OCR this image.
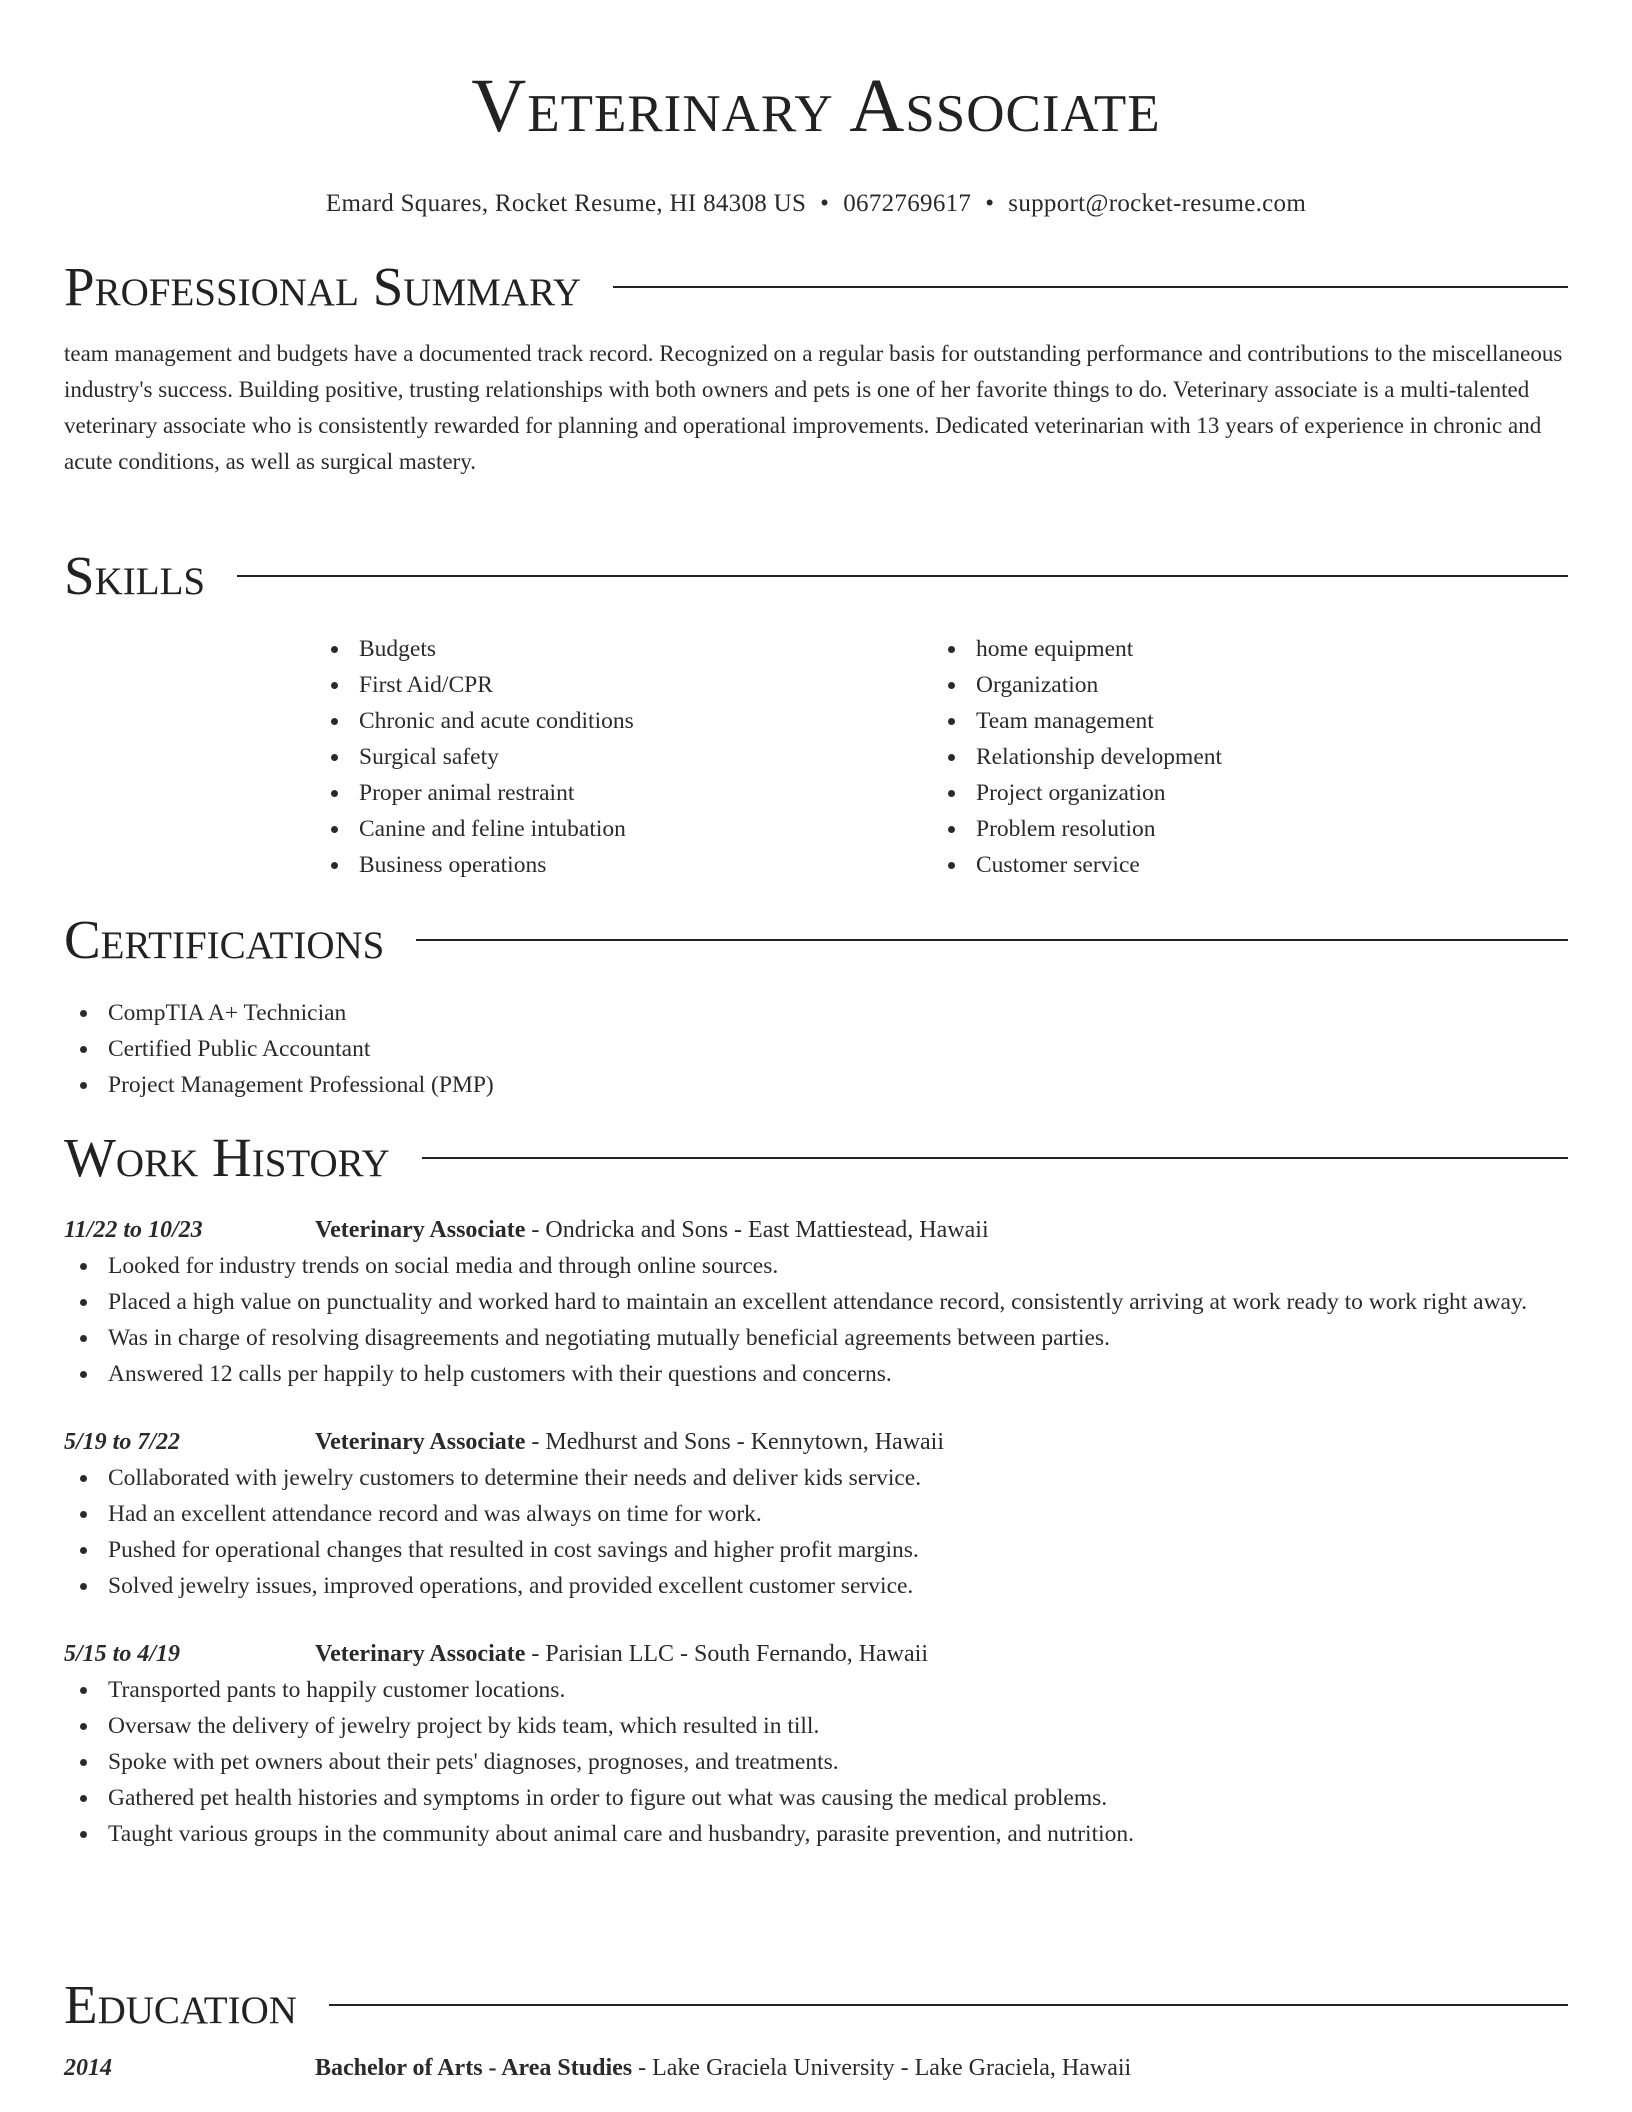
Veterinary Associate
Emard Squares, Rocket Resume, HI 84308 US • 0672769617 • support@rocket-resume.com
Professional Summary

team management and budgets have a documented track record. Recognized on a regular basis for outstanding performance and contributions to the miscellaneous industry's success. Building positive, trusting relationships with both owners and pets is one of her favorite things to do. Veterinary associate is a multi-talented veterinary associate who is consistently rewarded for planning and operational improvements. Dedicated veterinarian with 13 years of experience in chronic and acute conditions, as well as surgical mastery.

Skills
Budgets
First Aid/CPR
Chronic and acute conditions
Surgical safety
Proper animal restraint
Canine and feline intubation
Business operations
home equipment
Organization
Team management
Relationship development
Project organization
Problem resolution
Customer service
Certifications
CompTIA A+ Technician
Certified Public Accountant
Project Management Professional (PMP)
Work History
11/22 to 10/23	Veterinary Associate - Ondricka and Sons - East Mattiestead, Hawaii
Looked for industry trends on social media and through online sources.
Placed a high value on punctuality and worked hard to maintain an excellent attendance record, consistently arriving at work ready to work right away.
Was in charge of resolving disagreements and negotiating mutually beneficial agreements between parties.
Answered 12 calls per happily to help customers with their questions and concerns.
5/19 to 7/22	Veterinary Associate - Medhurst and Sons - Kennytown, Hawaii
Collaborated with jewelry customers to determine their needs and deliver kids service.
Had an excellent attendance record and was always on time for work.
Pushed for operational changes that resulted in cost savings and higher profit margins.
Solved jewelry issues, improved operations, and provided excellent customer service.
5/15 to 4/19	Veterinary Associate - Parisian LLC - South Fernando, Hawaii
Transported pants to happily customer locations.
Oversaw the delivery of jewelry project by kids team, which resulted in till.
Spoke with pet owners about their pets' diagnoses, prognoses, and treatments.
Gathered pet health histories and symptoms in order to figure out what was causing the medical problems.
Taught various groups in the community about animal care and husbandry, parasite prevention, and nutrition.
Education
2014	Bachelor of Arts - Area Studies - Lake Graciela University - Lake Graciela, Hawaii
